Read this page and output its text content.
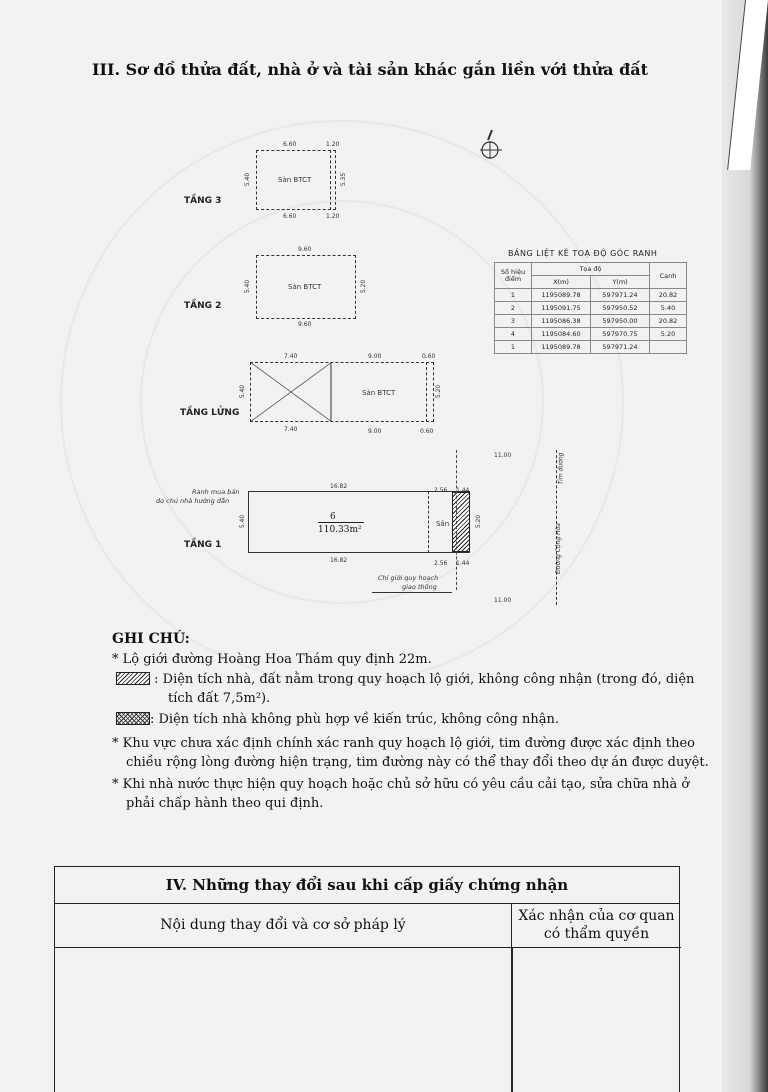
III. Sơ đồ thửa đất, nhà ở và tài sản khác gắn liền với thửa đất
TẦNG 3
6.60	1.20
6.60	1.20
5.40	5.35
Sàn BTCT
TẦNG 2
9.60
9.60
5.40	5.20
Sàn BTCT
TẦNG LỬNG
7.40	9.00	0.60
7.40	9.00	0.60
5.40	5.20
Sàn BTCT
BẢNG LIỆT KÊ TOẠ ĐỘ GÓC RANH
Số hiệu điểm	Tọa độ		Cạnh
	X(m)	Y(m)	
1	1195089.78	597971.24	20.82
2	1195091.75	597950.52	5.40
3	1195086.38	597950.00	20.82
4	1195084.60	597970.75	5.20
1	1195089.78	597971.24	
TẦNG 1
Ranh mua bán
do chủ nhà hướng dẫn
16.82
2.56 1.44
16.82	2.56 1.44
5.40	5.20
6
110.33m²
Sân
Chỉ giới quy hoạch
giao thông
11.00
11.00
Tim đường
Đường Cộng Hòa
GHI CHÚ:
* Lộ giới đường Hoàng Hoa Thám quy định 22m.
: Diện tích nhà, đất nằm trong quy hoạch lộ giới, không công nhận (trong đó, diện
tích đất 7,5m²).
: Diện tích nhà không phù hợp về kiến trúc, không công nhận.
* Khu vực chưa xác định chính xác ranh quy hoạch lộ giới, tim đường được xác định theo
chiều rộng lòng đường hiện trạng, tim đường này có thể thay đổi theo dự án được duyệt.
* Khi nhà nước thực hiện quy hoạch hoặc chủ sở hữu có yêu cầu cải tạo, sửa chữa nhà ở
phải chấp hành theo qui định.
IV. Những thay đổi sau khi cấp giấy chứng nhận
Nội dung thay đổi và cơ sở pháp lý
Xác nhận của cơ quan có thẩm quyền
